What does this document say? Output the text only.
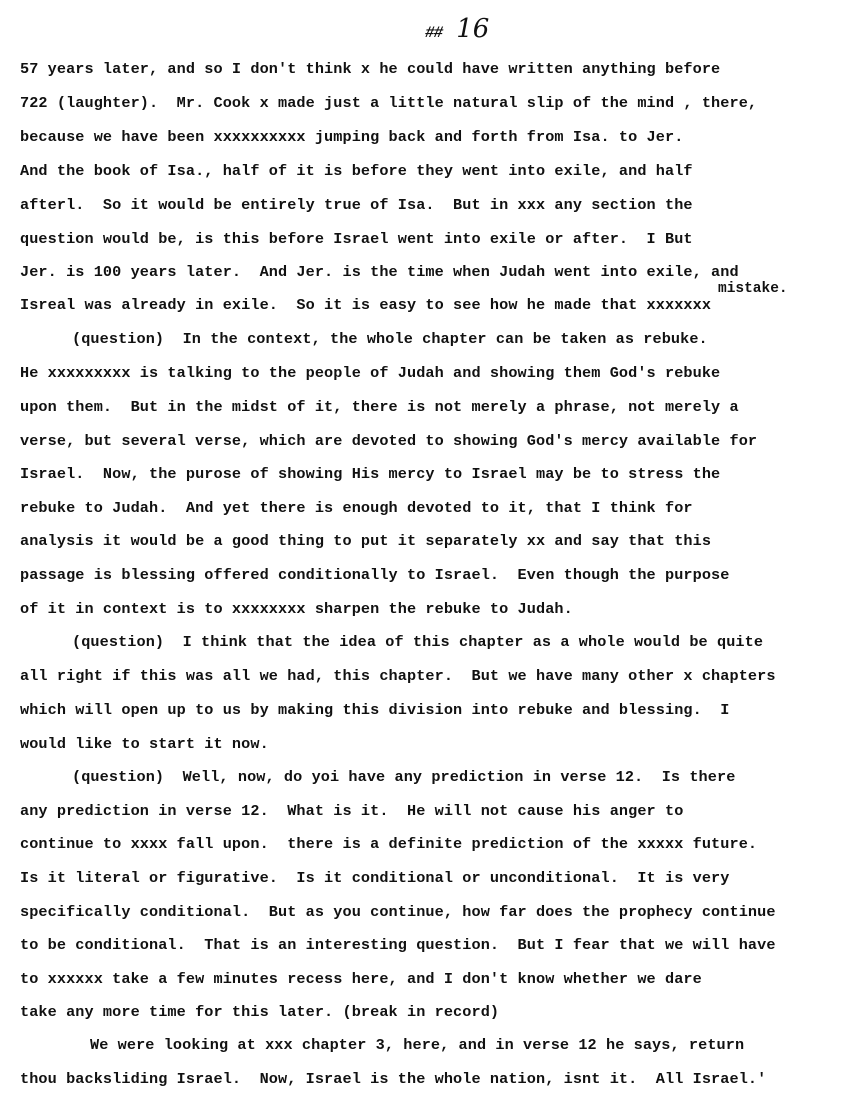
## 16
mistake.
57 years later, and so I don't think x he could have written anything before
722 (laughter).  Mr. Cook x made just a little natural slip of the mind , there,
because we have been xxxxxxxxxx jumping back and forth from Isa. to Jer.
And the book of Isa., half of it is before they went into exile, and half
afterl.  So it would be entirely true of Isa.  But in xxx any section the
question would be, is this before Israel went into exile or after.  I But
Jer. is 100 years later.  And Jer. is the time when Judah went into exile, and
Isreal was already in exile.  So it is easy to see how he made that xxxxxxx
(question)  In the context, the whole chapter can be taken as rebuke.
He xxxxxxxxx is talking to the people of Judah and showing them God's rebuke
upon them.  But in the midst of it, there is not merely a phrase, not merely a
verse, but several verse, which are devoted to showing God's mercy available for
Israel.  Now, the purose of showing His mercy to Israel may be to stress the
rebuke to Judah.  And yet there is enough devoted to it, that I think for
analysis it would be a good thing to put it separately xx and say that this
passage is blessing offered conditionally to Israel.  Even though the purpose
of it in context is to xxxxxxxx sharpen the rebuke to Judah.
(question)  I think that the idea of this chapter as a whole would be quite
all right if this was all we had, this chapter.  But we have many other x chapters
which will open up to us by making this division into rebuke and blessing.  I
would like to start it now.
(question)  Well, now, do yoi have any prediction in verse 12.  Is there
any prediction in verse 12.  What is it.  He will not cause his anger to
continue to xxxx fall upon.  there is a definite prediction of the xxxxx future.
Is it literal or figurative.  Is it conditional or unconditional.  It is very
specifically conditional.  But as you continue, how far does the prophecy continue
to be conditional.  That is an interesting question.  But I fear that we will have
to xxxxxx take a few minutes recess here, and I don't know whether we dare
take any more time for this later. (break in record)
We were looking at xxx chapter 3, here, and in verse 12 he says, return
thou backsliding Israel.  Now, Israel is the whole nation, isnt it.  All Israel.'
